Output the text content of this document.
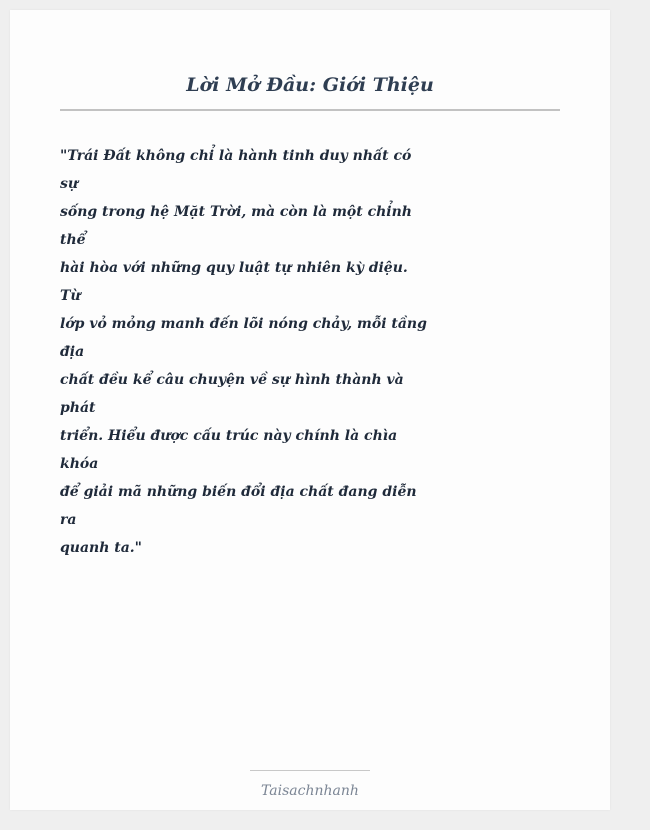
Lời Mở Đầu: Giới Thiệu
"Trái Đất không chỉ là hành tinh duy nhất có
sự
sống trong hệ Mặt Trời, mà còn là một chỉnh
thể
hài hòa với những quy luật tự nhiên kỳ diệu.
Từ
lớp vỏ mỏng manh đến lõi nóng chảy, mỗi tầng
địa
chất đều kể câu chuyện về sự hình thành và
phát
triển. Hiểu được cấu trúc này chính là chìa
khóa
để giải mã những biến đổi địa chất đang diễn
ra
quanh ta."
Taisachnhanh
